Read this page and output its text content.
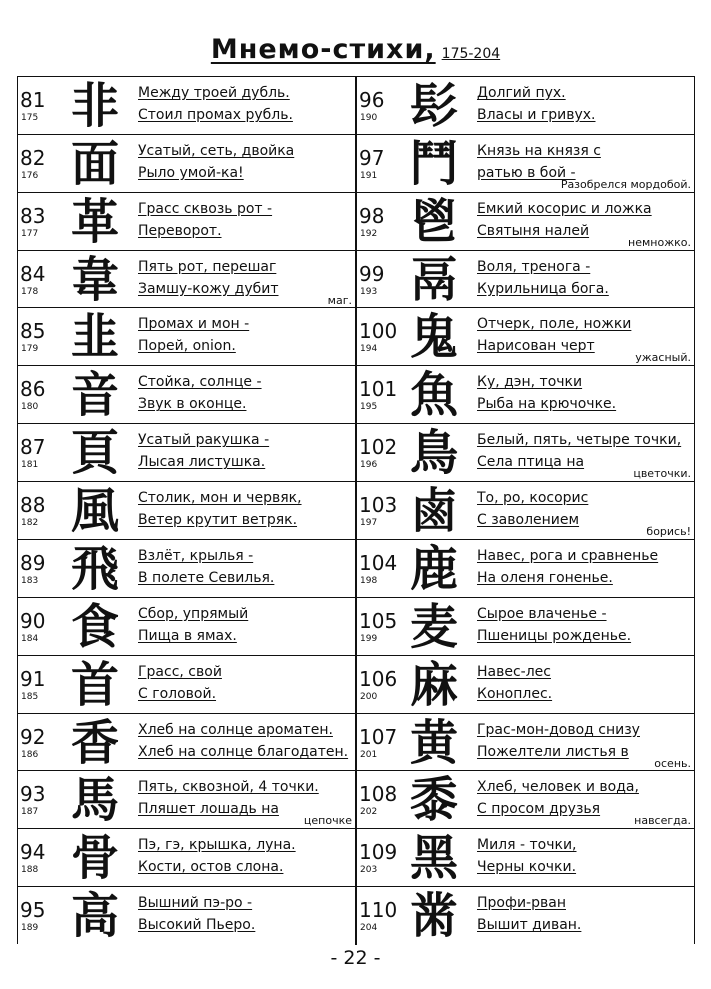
Мнемо-стихи, 175-204
81
175 非	Между троей дубль.
Стоил промах рубль.
82
176 面	Усатый, сеть, двойка
Рыло умой-ка!
83
177 革	Грасс сквозь рот -
Переворот.
84
178 韋	Пять рот, перешаг
Замшу-кожу дубит
маг.
85
179 韭	Промах и мон -
Порей, onion.
86
180 音	Стойка, солнце -
Звук в оконце.
87
181 頁	Усатый ракушка -
Лысая листушка.
88
182 風	Столик, мон и червяк,
Ветер крутит ветряк.
89
183 飛	Взлёт, крылья -
В полете Севилья.
90
184 食	Сбор, упрямый
Пища в ямах.
91
185 首	Грасс, свой
С головой.
92
186 香	Хлеб на солнце ароматен.
Хлеб на солнце благодатен.
93
187 馬	Пять, сквозной, 4 точки.
Пляшет лошадь на
цепочке
94
188 骨	Пэ, гэ, крышка, луна.
Кости, остов слона.
95
189 高	Вышний пэ-ро -
Высокий Пьеро.
96
190 髟	Долгий пух.
Власы и гривух.
97
191 鬥	Князь на князя с
ратью в бой -
Разобрелся мордобой.
98
192 鬯	Емкий косорис и ложка
Святыня налей
немножко.
99
193 鬲	Воля, тренога -
Курильница бога.
100
194 鬼	Отчерк, поле, ножки
Нарисован черт
ужасный.
101
195 魚	Ку, дэн, точки
Рыба на крючочке.
102
196 鳥	Белый, пять, четыре точки,
Села птица на
цветочки.
103
197 鹵	То, ро, косорис
С заволением
борись!
104
198 鹿	Навес, рога и сравненье
На оленя гоненье.
105
199 麦	Сырое влаченье -
Пшеницы рожденье.
106
200 麻	Навес-лес
Коноплес.
107
201 黄	Грас-мон-довод снизу
Пожелтели листья в
осень.
108
202 黍	Хлеб, человек и вода,
С просом друзья
навсегда.
109
203 黑	Миля - точки,
Черны кочки.
110
204 黹	Профи-рван
Вышит диван.
- 22 -
